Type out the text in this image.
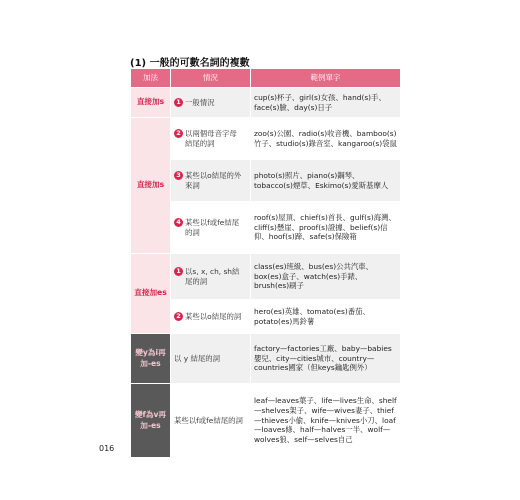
(1) 一般的可數名詞的複數
加法	情況	範例單字
直接加s	1 一般情況	cup(s)杯子、girl(s)女孩、hand(s)手、face(s)臉、day(s)日子
直接加s	2 以兩個母音字母結尾的詞	zoo(s)公園、radio(s)收音機、bamboo(s)竹子、studio(s)錄音室、kangaroo(s)袋鼠
	3 某些以o結尾的外來詞	photo(s)照片、piano(s)鋼琴、tobacco(s)煙草、Eskimo(s)愛斯基摩人
	4 某些以f或fe結尾的詞	roof(s)屋頂、chief(s)首長、gulf(s)海灣、cliff(s)懸崖、proof(s)證據、belief(s)信仰、hoof(s)蹄、safe(s)保險箱
直接加es	1 以s, x, ch, sh結尾的詞	class(es)班級、bus(es)公共汽車、box(es)盒子、watch(es)手錶、brush(es)刷子
	2 某些以o結尾的詞	hero(es)英雄、tomato(es)番茄、potato(es)馬鈴薯
變y為i再加-es	以 y 結尾的詞	factory—factories工廠、baby—babies嬰兒、city—cities城市、country—countries國家（但keys鑰匙例外）
變f為v再加-es	某些以f或fe結尾的詞	leaf—leaves葉子、life—lives生命、shelf—shelves架子、wife—wives妻子、thief—thieves小偷、knife—knives小刀、loaf—loaves條、half—halves一半、wolf—wolves狼、self—selves自己
016
